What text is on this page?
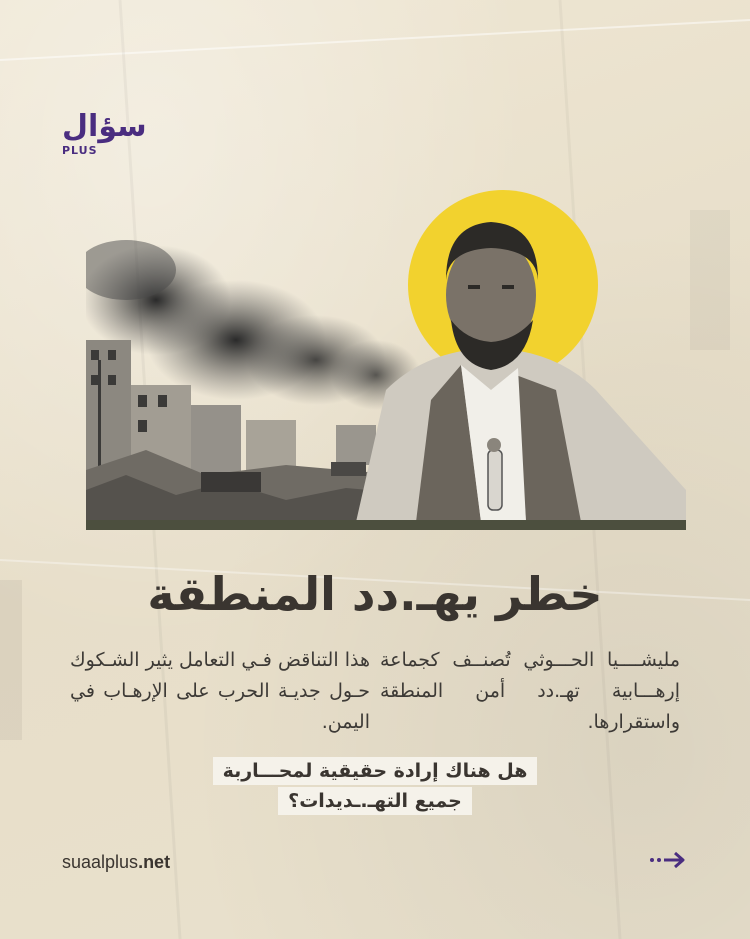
سؤال
PLUS
خطر يهـ.دد المنطقة
مليشــــيا الحـــوثي تُصنــف كجماعة إرهـــابية تهـ.دد أمن المنطقة واستقرارها.
هذا التناقض فـي التعامل يثير الشـكوك حـول جديـة الحرب على الإرهـاب في اليمن.
هل هناك إرادة حقيقية لمحـــاربة
جميع التهـ.ـديدات؟
suaalplus.net
